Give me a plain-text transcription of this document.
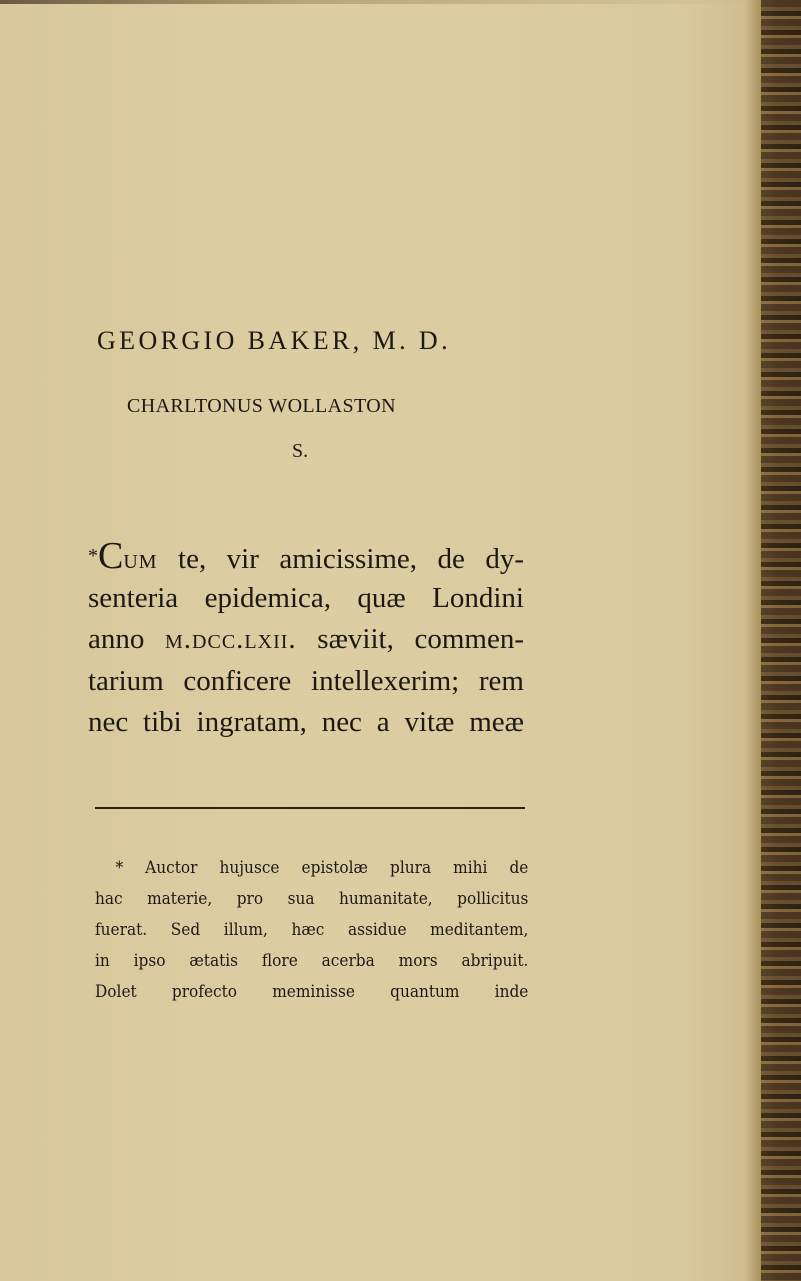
GEORGIO BAKER, M. D.
CHARLTONUS WOLLASTON
S.
*Cum te, vir amicissime, de dy-
senteria epidemica, quæ Londini
anno m.dcc.lxii. sæviit, commen-
tarium conficere intellexerim; rem
nec tibi ingratam, nec a vitæ meæ
* Auctor hujusce epistolæ plura mihi de
hac materie, pro sua humanitate, pollicitus
fuerat. Sed illum, hæc assidue meditantem,
in ipso ætatis flore acerba mors abripuit.
Dolet profecto meminisse quantum inde
